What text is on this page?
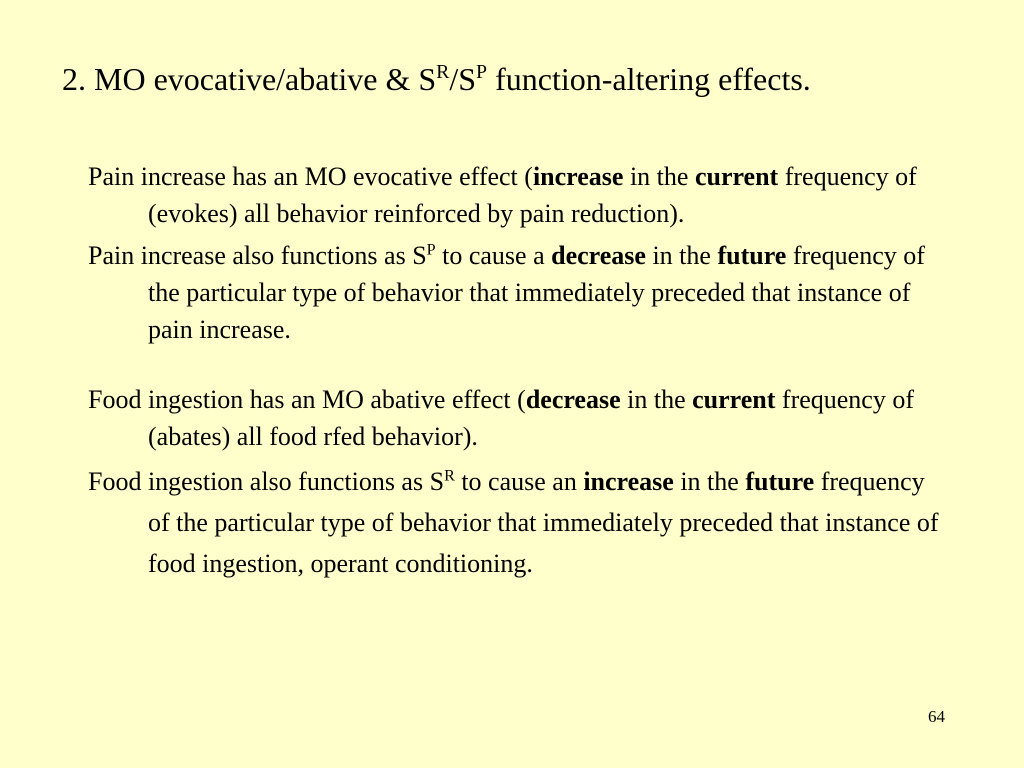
2. MO evocative/abative & $S^R/S^P$ function-altering effects.

Pain increase has an MO evocative effect (increase in the current frequency of (evokes) all behavior reinforced by pain reduction).

Pain increase also functions as $S^P$ to cause a decrease in the future frequency of the particular type of behavior that immediately preceded that instance of pain increase.

Food ingestion has an MO abative effect (decrease in the current frequency of (abates) all food rfed behavior).

Food ingestion also functions as $S^R$ to cause an increase in the future frequency of the particular type of behavior that immediately preceded that instance of food ingestion, operant conditioning.

64
